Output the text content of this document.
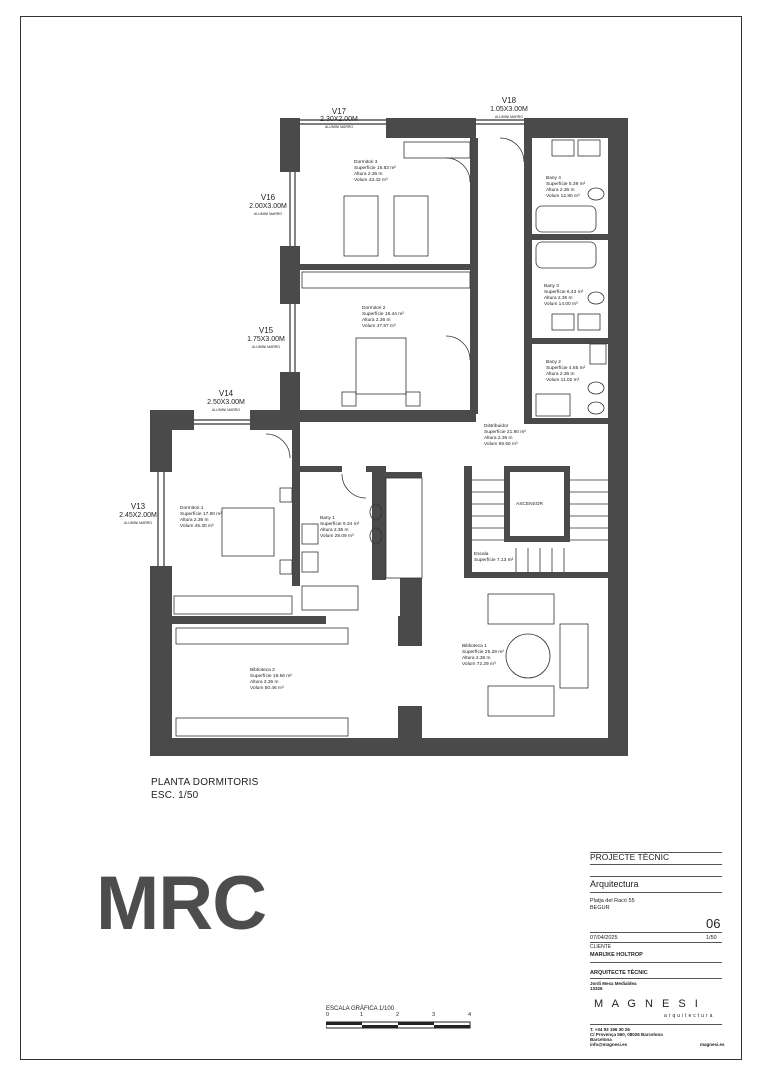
V17
2.30X2.00M
ALUMINI MARRO
V18
1.05X3.00M
ALUMINI MARRO
V16
2.00X3.00M
ALUMINI MARRO
V15
1.75X3.00M
ALUMINI MARRO
V14
2.50X3.00M
ALUMINI MARRO
V13
2.45X2.00M
ALUMINI MARRO
Dormitori 3
Superfície 16.83 m²
Altura 2.36 m
Volum 43.42 m³
Dormitori 2
Superfície 16.44 m²
Altura 2.36 m
Volum 47.57 m³
Dormitori 1
Superfície 17.90 m²
Altura 2.36 m
Volum 45.30 m³
Bany 4
Superfície 5.39 m²
Altura 2.36 m
Volum 12.80 m³
Bany 3
Superfície 6.43 m²
Altura 2.36 m
Volum 14.00 m³
Bany 2
Superfície 4.65 m²
Altura 2.36 m
Volum 11.02 m³
Bany 1
Superfície 9.34 m²
Altura 2.36 m
Volum 28.09 m³
Distribuidor
Superfície 21.90 m²
Altura 2.36 m
Volum 56.50 m³
Escala
Superfície 7.13 m²
ASCENSOR
Biblioteca 2
Superfície 19.56 m²
Altura 2.36 m
Volum 50.46 m³
Biblioteca 1
Superfície 25.29 m²
Altura 2.36 m
Volum 72.29 m³
PLANTA DORMITORIS
ESC. 1/50
MRC
ESCALA GRÀFICA 1/100
0	1	2	3	4
PROJECTE TÈCNIC
Arquitectura
Platja del Racó 55
BEGUR
06
07/04/2025	1/50
CLIENTE
MARIJKE HOLTROP
ARQUITECTE TÈCNIC
Jordi Mesa Medialdea
13326
M A G N E S I
arquitectura
T. +34 93 196 30 26
C/ Provença 560, 08026 Barcelona
Barcelona
info@magnesi.es	magnesi.es
